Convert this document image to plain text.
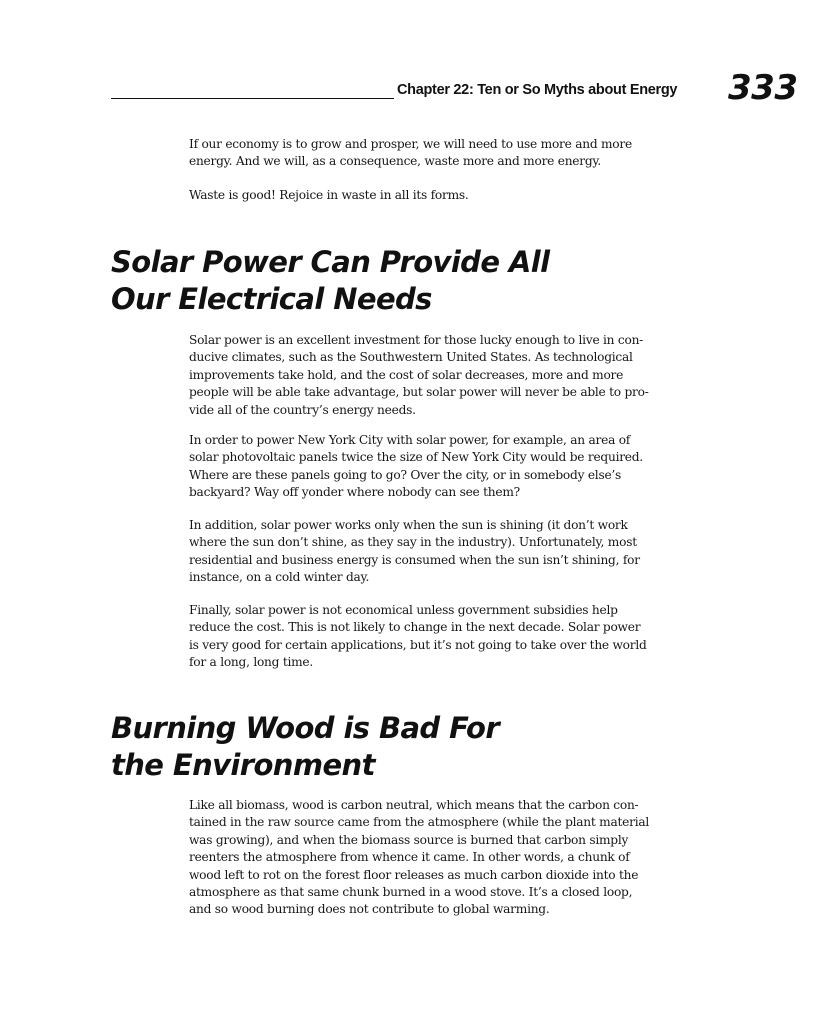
Chapter 22: Ten or So Myths about Energy 333

If our economy is to grow and prosper, we will need to use more and more
energy. And we will, as a consequence, waste more and more energy.

Waste is good! Rejoice in waste in all its forms.

Solar Power Can Provide All
Our Electrical Needs

Solar power is an excellent investment for those lucky enough to live in con-
ducive climates, such as the Southwestern United States. As technological
improvements take hold, and the cost of solar decreases, more and more
people will be able take advantage, but solar power will never be able to pro-
vide all of the country’s energy needs.

In order to power New York City with solar power, for example, an area of
solar photovoltaic panels twice the size of New York City would be required.
Where are these panels going to go? Over the city, or in somebody else’s
backyard? Way off yonder where nobody can see them?

In addition, solar power works only when the sun is shining (it don’t work
where the sun don’t shine, as they say in the industry). Unfortunately, most
residential and business energy is consumed when the sun isn’t shining, for
instance, on a cold winter day.

Finally, solar power is not economical unless government subsidies help
reduce the cost. This is not likely to change in the next decade. Solar power
is very good for certain applications, but it’s not going to take over the world
for a long, long time.

Burning Wood is Bad For
the Environment

Like all biomass, wood is carbon neutral, which means that the carbon con-
tained in the raw source came from the atmosphere (while the plant material
was growing), and when the biomass source is burned that carbon simply
reenters the atmosphere from whence it came. In other words, a chunk of
wood left to rot on the forest floor releases as much carbon dioxide into the
atmosphere as that same chunk burned in a wood stove. It’s a closed loop,
and so wood burning does not contribute to global warming.
